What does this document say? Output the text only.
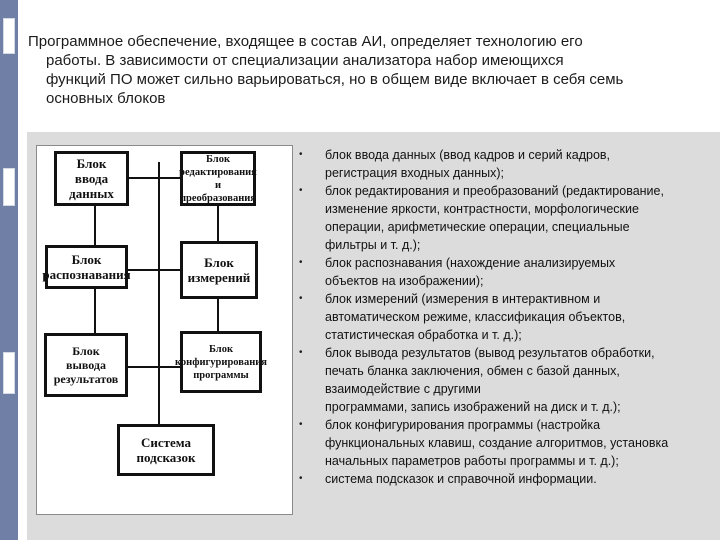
Программное обеспечение, входящее в состав АИ, определяет технологию его
работы. В зависимости от специализации анализатора набор имеющихся
функций ПО может сильно варьироваться, но в общем виде включает в себя семь
основных блоков

Блок
ввода данных
Блок
редактирования
и преобразования
Блок
распознавания
Блок
измерений
Блок
вывода
результатов
Блок
конфигурирования
программы
Система
подсказок
• блок ввода данных (ввод кадров и серий кадров,
регистрация входных данных);
• блок редактирования и преобразований (редактирование,
изменение яркости, контрастности, морфологические
операции, арифметические операции, специальные
фильтры и т. д.);
• блок распознавания (нахождение анализируемых
объектов на изображении);
• блок измерений (измерения в интерактивном и
автоматическом режиме, классификация объектов,
статистическая обработка и т. д.);
• блок вывода результатов (вывод результатов обработки,
печать бланка заключения, обмен с базой данных,
взаимодействие с другими
программами, запись изображений на диск и т. д.);
• блок конфигурирования программы (настройка
функциональных клавиш, создание алгоритмов, установка
начальных параметров работы программы и т. д.);
• система подсказок и справочной информации.
